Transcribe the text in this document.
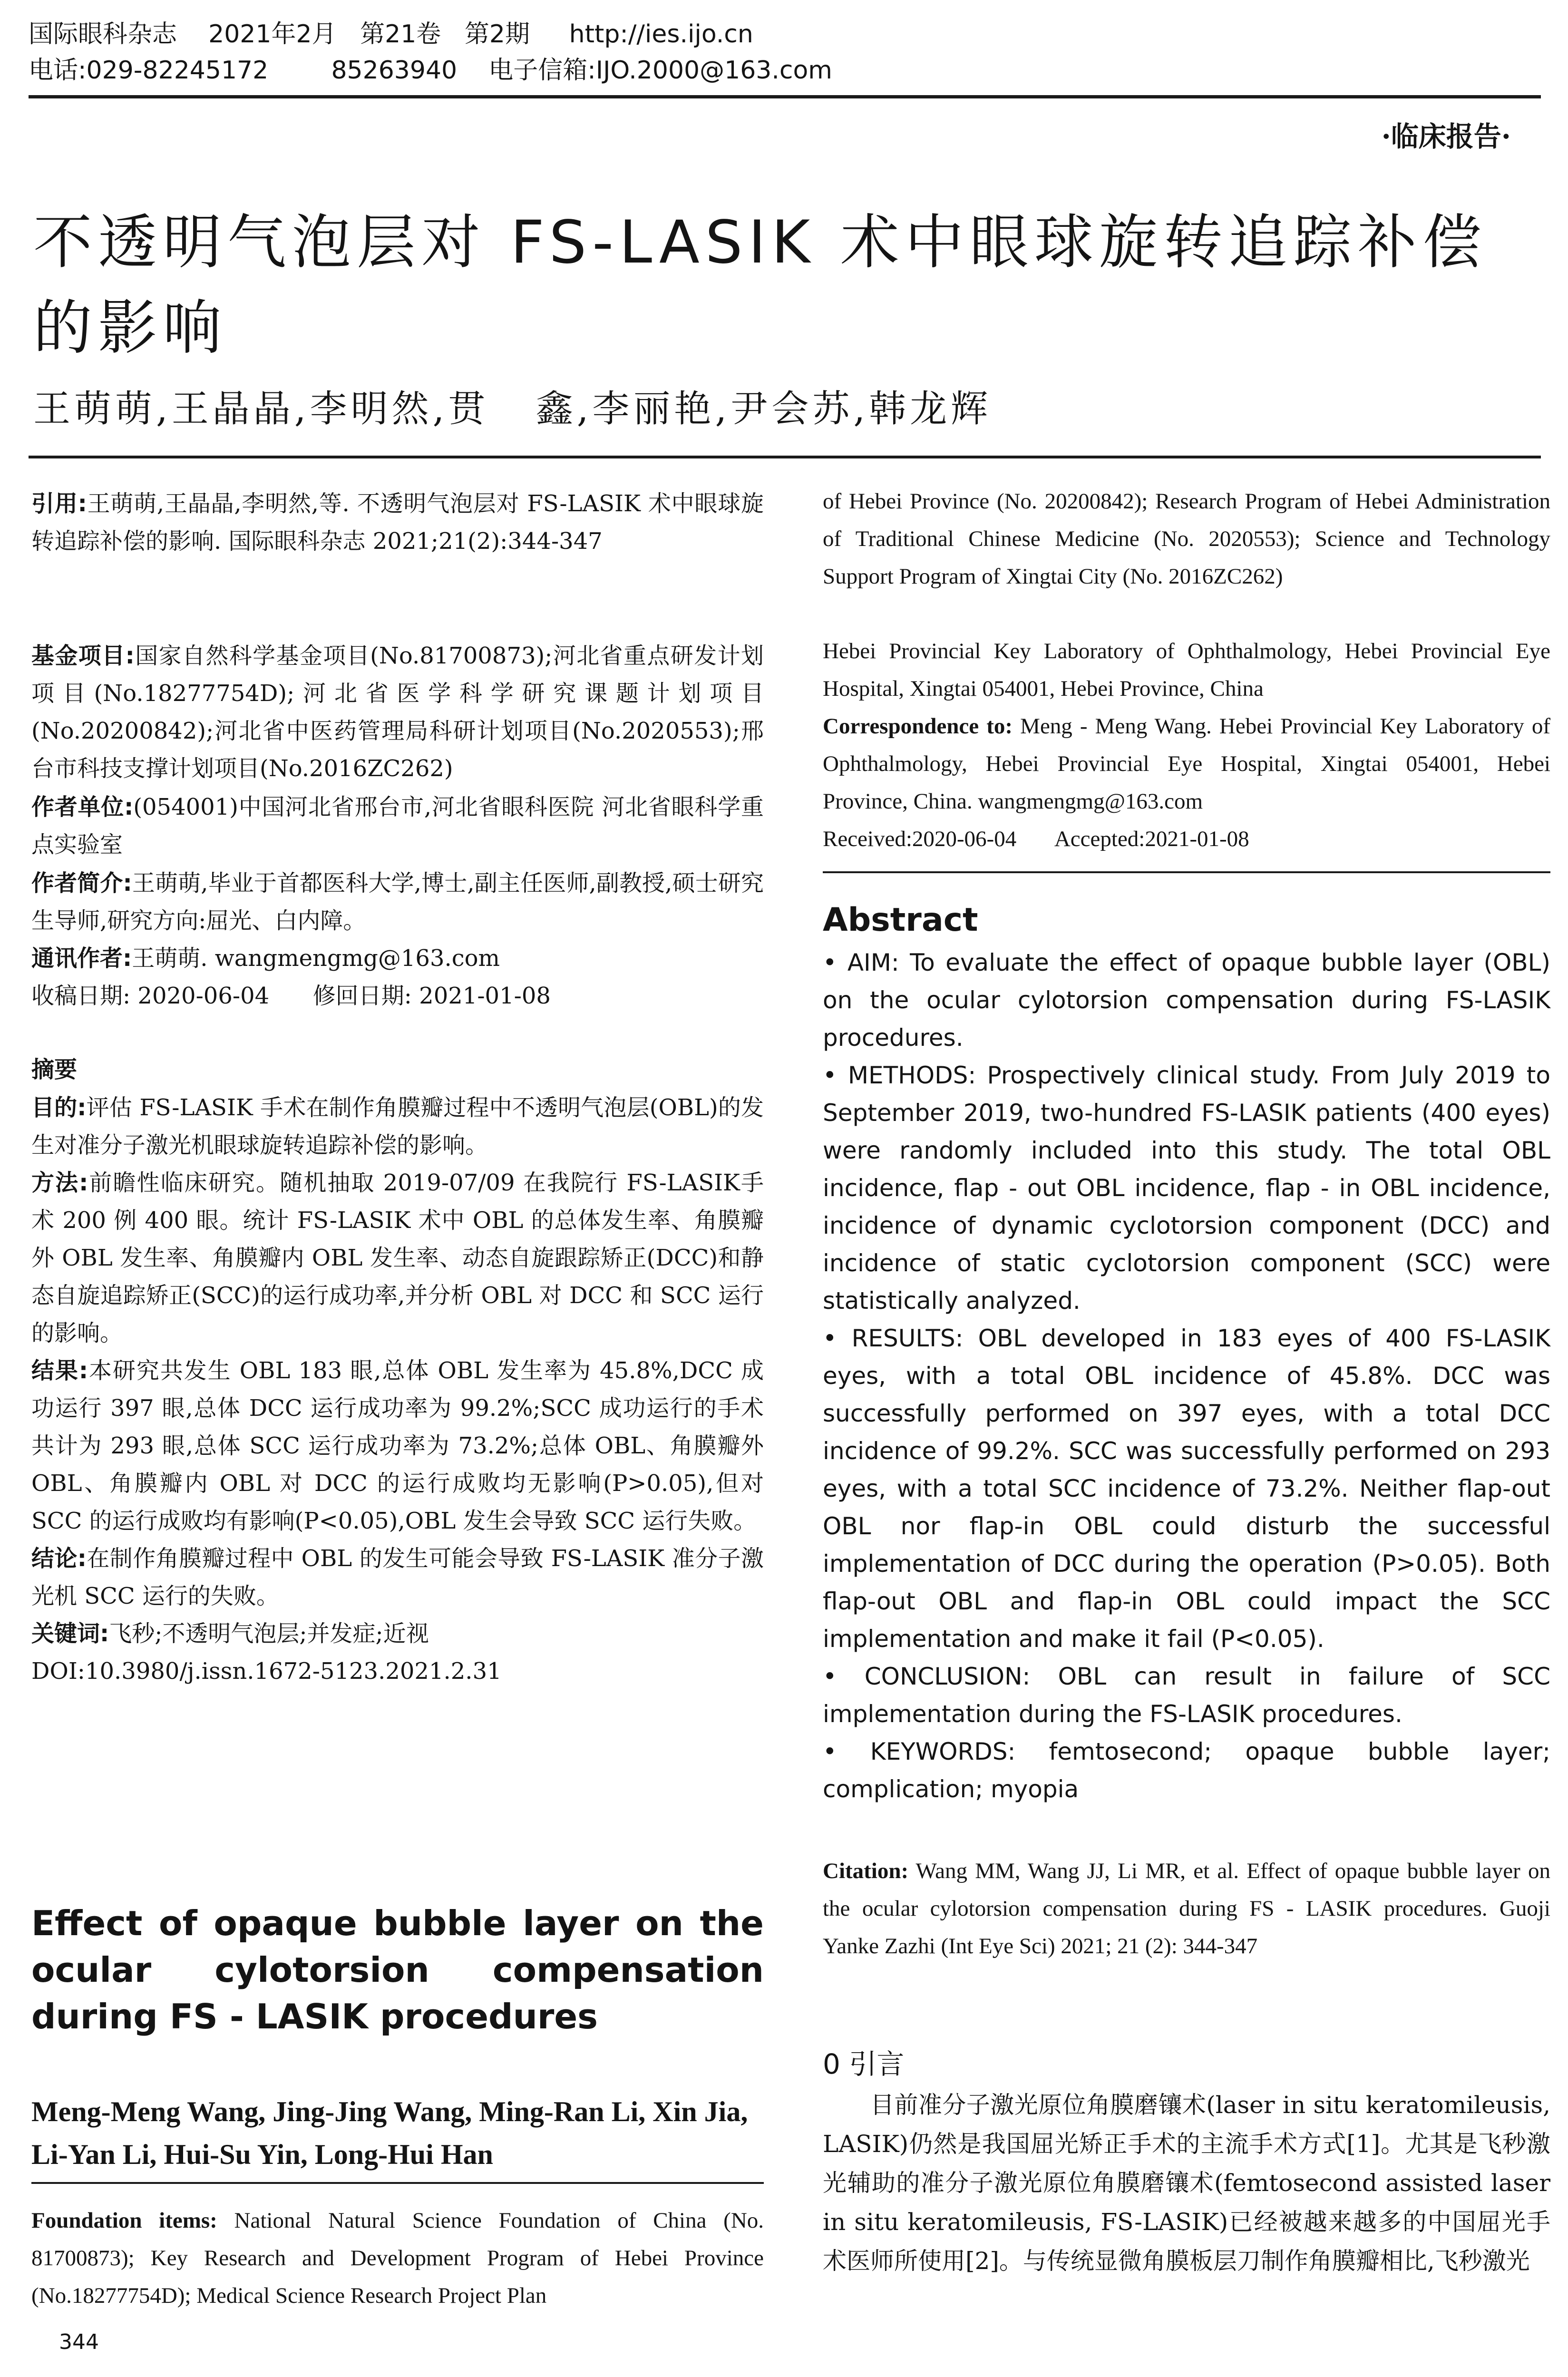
国际眼科杂志    2021年2月   第21卷   第2期     http://ies.ijo.cn
电话:029-82245172        85263940    电子信箱:IJO.2000@163.com
·临床报告·
不透明气泡层对 FS-LASIK 术中眼球旋转追踪补偿的影响
王萌萌,王晶晶,李明然,贯   鑫,李丽艳,尹会苏,韩龙辉
引用:王萌萌,王晶晶,李明然,等. 不透明气泡层对 FS-LASIK 术中眼球旋转追踪补偿的影响. 国际眼科杂志 2021;21(2):344-347
基金项目:国家自然科学基金项目(No.81700873);河北省重点研发计划项目(No.18277754D);河北省医学科学研究课题计划项目(No.20200842);河北省中医药管理局科研计划项目(No.2020553);邢台市科技支撑计划项目(No.2016ZC262)
作者单位:(054001)中国河北省邢台市,河北省眼科医院 河北省眼科学重点实验室
作者简介:王萌萌,毕业于首都医科大学,博士,副主任医师,副教授,硕士研究生导师,研究方向:屈光、白内障。
通讯作者:王萌萌. wangmengmg@163.com
收稿日期: 2020-06-04      修回日期: 2021-01-08
摘要

目的:评估 FS-LASIK 手术在制作角膜瓣过程中不透明气泡层(OBL)的发生对准分子激光机眼球旋转追踪补偿的影响。

方法:前瞻性临床研究。随机抽取 2019-07/09 在我院行 FS-LASIK手术 200 例 400 眼。统计 FS-LASIK 术中 OBL 的总体发生率、角膜瓣外 OBL 发生率、角膜瓣内 OBL 发生率、动态自旋跟踪矫正(DCC)和静态自旋追踪矫正(SCC)的运行成功率,并分析 OBL 对 DCC 和 SCC 运行的影响。

结果:本研究共发生 OBL 183 眼,总体 OBL 发生率为 45.8%,DCC 成功运行 397 眼,总体 DCC 运行成功率为 99.2%;SCC 成功运行的手术共计为 293 眼,总体 SCC 运行成功率为 73.2%;总体 OBL、角膜瓣外 OBL、角膜瓣内 OBL 对 DCC 的运行成败均无影响(P>0.05),但对 SCC 的运行成败均有影响(P<0.05),OBL 发生会导致 SCC 运行失败。

结论:在制作角膜瓣过程中 OBL 的发生可能会导致 FS-LASIK 准分子激光机 SCC 运行的失败。

关键词:飞秒;不透明气泡层;并发症;近视

DOI:10.3980/j.issn.1672-5123.2021.2.31

Effect of opaque bubble layer on the ocular cylotorsion compensation during FS - LASIK procedures
Meng-Meng Wang, Jing-Jing Wang, Ming-Ran Li, Xin Jia, Li-Yan Li, Hui-Su Yin, Long-Hui Han
Foundation items: National Natural Science Foundation of China (No. 81700873); Key Research and Development Program of Hebei Province (No.18277754D); Medical Science Research Project Plan
344
of Hebei Province (No. 20200842); Research Program of Hebei Administration of Traditional Chinese Medicine (No. 2020553); Science and Technology Support Program of Xingtai City (No. 2016ZC262)
Hebei Provincial Key Laboratory of Ophthalmology, Hebei Provincial Eye Hospital, Xingtai 054001, Hebei Province, China
Correspondence to: Meng - Meng Wang. Hebei Provincial Key Laboratory of Ophthalmology, Hebei Provincial Eye Hospital, Xingtai 054001, Hebei Province, China. wangmengmg@163.com
Received:2020-06-04       Accepted:2021-01-08
Abstract

• AIM: To evaluate the effect of opaque bubble layer (OBL) on the ocular cylotorsion compensation during FS-LASIK procedures.

• METHODS: Prospectively clinical study. From July 2019 to September 2019, two-hundred FS-LASIK patients (400 eyes) were randomly included into this study. The total OBL incidence, flap - out OBL incidence, flap - in OBL incidence, incidence of dynamic cyclotorsion component (DCC) and incidence of static cyclotorsion component (SCC) were statistically analyzed.

• RESULTS: OBL developed in 183 eyes of 400 FS-LASIK eyes, with a total OBL incidence of 45.8%. DCC was successfully performed on 397 eyes, with a total DCC incidence of 99.2%. SCC was successfully performed on 293 eyes, with a total SCC incidence of 73.2%. Neither flap-out OBL nor flap-in OBL could disturb the successful implementation of DCC during the operation (P>0.05). Both flap-out OBL and flap-in OBL could impact the SCC implementation and make it fail (P<0.05).

• CONCLUSION: OBL can result in failure of SCC implementation during the FS-LASIK procedures.

• KEYWORDS: femtosecond; opaque bubble layer; complication; myopia

Citation: Wang MM, Wang JJ, Li MR, et al. Effect of opaque bubble layer on the ocular cylotorsion compensation during FS - LASIK procedures. Guoji Yanke Zazhi (Int Eye Sci) 2021; 21 (2): 344-347
0 引言
目前准分子激光原位角膜磨镶术(laser in situ keratomileusis, LASIK)仍然是我国屈光矫正手术的主流手术方式[1]。尤其是飞秒激光辅助的准分子激光原位角膜磨镶术(femtosecond assisted laser in situ keratomileusis, FS-LASIK)已经被越来越多的中国屈光手术医师所使用[2]。与传统显微角膜板层刀制作角膜瓣相比,飞秒激光
